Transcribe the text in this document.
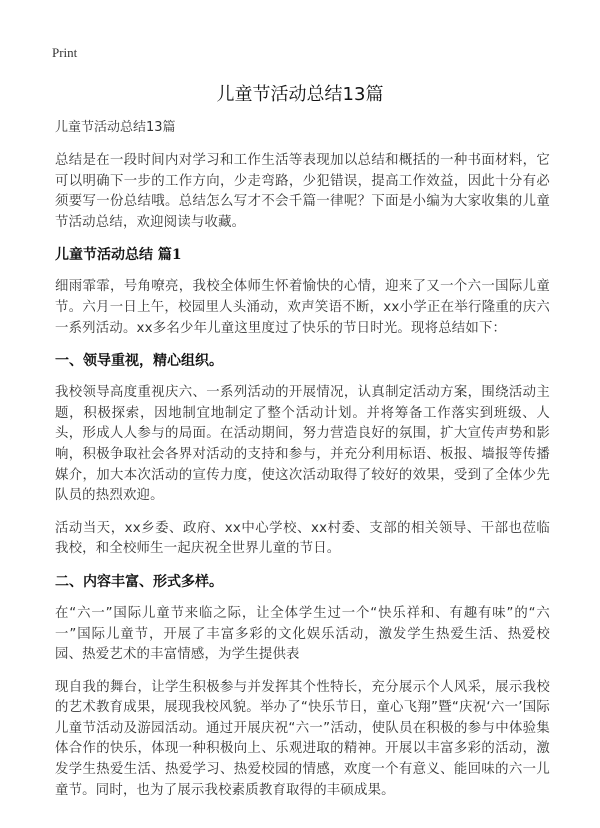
Print
儿童节活动总结13篇
儿童节活动总结13篇

总结是在一段时间内对学习和工作生活等表现加以总结和概括的一种书面材料，它可以明确下一步的工作方向，少走弯路，少犯错误，提高工作效益，因此十分有必须要写一份总结哦。总结怎么写才不会千篇一律呢？下面是小编为大家收集的儿童节活动总结，欢迎阅读与收藏。

儿童节活动总结 篇1

细雨霏霏，号角嘹亮，我校全体师生怀着愉快的心情，迎来了又一个六一国际儿童节。六月一日上午，校园里人头涌动，欢声笑语不断，xx小学正在举行隆重的庆六一系列活动。xx多名少年儿童这里度过了快乐的节日时光。现将总结如下：

一、领导重视，精心组织。

我校领导高度重视庆六、一系列活动的开展情况，认真制定活动方案，围绕活动主题，积极探索，因地制宜地制定了整个活动计划。并将筹备工作落实到班级、人头，形成人人参与的局面。在活动期间，努力营造良好的氛围，扩大宣传声势和影响，积极争取社会各界对活动的支持和参与，并充分利用标语、板报、墙报等传播媒介，加大本次活动的宣传力度，使这次活动取得了较好的效果，受到了全体少先队员的热烈欢迎。

活动当天，xx乡委、政府、xx中心学校、xx村委、支部的相关领导、干部也莅临我校，和全校师生一起庆祝全世界儿童的节日。

二、内容丰富、形式多样。

在“六一”国际儿童节来临之际，让全体学生过一个“快乐祥和、有趣有味”的“六一”国际儿童节，开展了丰富多彩的文化娱乐活动，激发学生热爱生活、热爱校园、热爱艺术的丰富情感，为学生提供表

现自我的舞台，让学生积极参与并发挥其个性特长，充分展示个人风采，展示我校的艺术教育成果，展现我校风貌。举办了“快乐节日，童心飞翔”暨“庆祝‘六一’国际儿童节活动及游园活动。通过开展庆祝“六一”活动，使队员在积极的参与中体验集体合作的快乐，体现一种积极向上、乐观进取的精神。开展以丰富多彩的活动，激发学生热爱生活、热爱学习、热爱校园的情感，欢度一个有意义、能回味的六一儿童节。同时，也为了展示我校素质教育取得的丰硕成果。
